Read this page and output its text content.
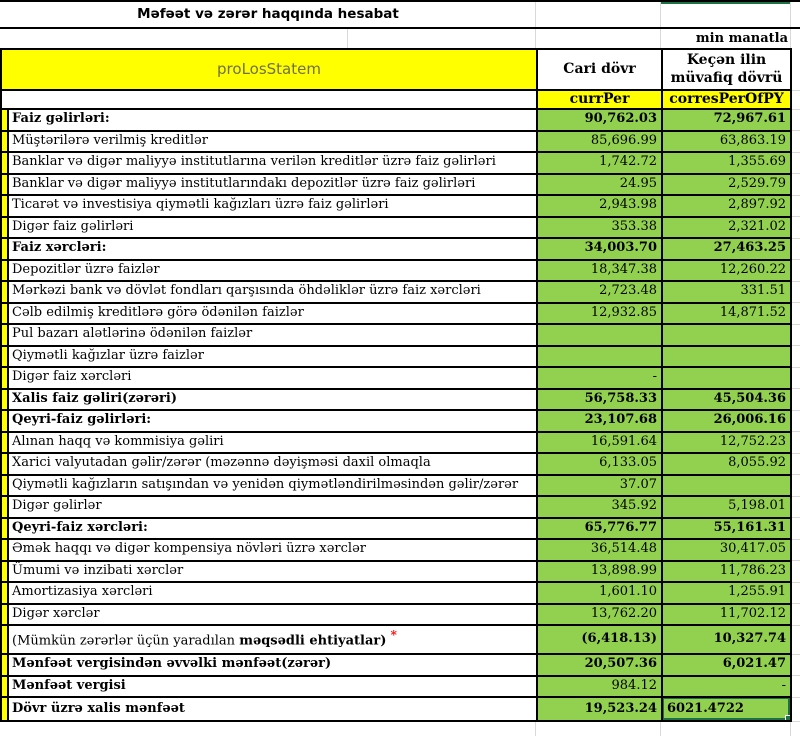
Məfəət və zərər haqqında hesabat
min manatla
proLosStatem		Cari dövr	Keçən ilin müvafiq dövrü	
		currPer	corresPerOfPY	
	Faiz gəlirləri:	90,762.03	72,967.61	
	Müştərilərə verilmiş kreditlər	85,696.99	63,863.19	
	Banklar və digər maliyyə institutlarına verilən kreditlər üzrə faiz gəlirləri	1,742.72	1,355.69	
	Banklar və digər maliyyə institutlarındakı depozitlər üzrə faiz gəlirləri	24.95	2,529.79	
	Ticarət və investisiya qiymətli kağızları üzrə faiz gəlirləri	2,943.98	2,897.92	
	Digər faiz gəlirləri	353.38	2,321.02	
	Faiz xərcləri:	34,003.70	27,463.25	
	Depozitlər üzrə faizlər	18,347.38	12,260.22	
	Mərkəzi bank və dövlət fondları qarşısında öhdəliklər üzrə faiz xərcləri	2,723.48	331.51	
	Cəlb edilmiş kreditlərə görə ödənilən faizlər	12,932.85	14,871.52	
	Pul bazarı alətlərinə ödənilən faizlər			
	Qiymətli kağızlar üzrə faizlər			
	Digər faiz xərcləri	-		
	Xalis faiz gəliri(zərəri)	56,758.33	45,504.36	
	Qeyri-faiz gəlirləri:	23,107.68	26,006.16	
	Alınan haqq və kommisiya gəliri	16,591.64	12,752.23	
	Xarici valyutadan gəlir/zərər (məzənnə dəyişməsi daxil olmaqla	6,133.05	8,055.92	
	Qiymətli kağızların satışından və yenidən qiymətləndirilməsindən gəlir/zərər	37.07		
	Digər gəlirlər	345.92	5,198.01	
	Qeyri-faiz xərcləri:	65,776.77	55,161.31	
	Əmək haqqı və digər kompensiya növləri üzrə xərclər	36,514.48	30,417.05	
	Ümumi və inzibati xərclər	13,898.99	11,786.23	
	Amortizasiya xərcləri	1,601.10	1,255.91	
	Digər xərclər	13,762.20	11,702.12	
	(Mümkün zərərlər üçün yaradılan məqsədli ehtiyatlar) *	(6,418.13)	10,327.74	
	Mənfəət vergisindən əvvəlki mənfəət(zərər)	20,507.36	6,021.47	
	Mənfəət vergisi	984.12	-	
	Dövr üzrə xalis mənfəət	19,523.24	6021.4722
